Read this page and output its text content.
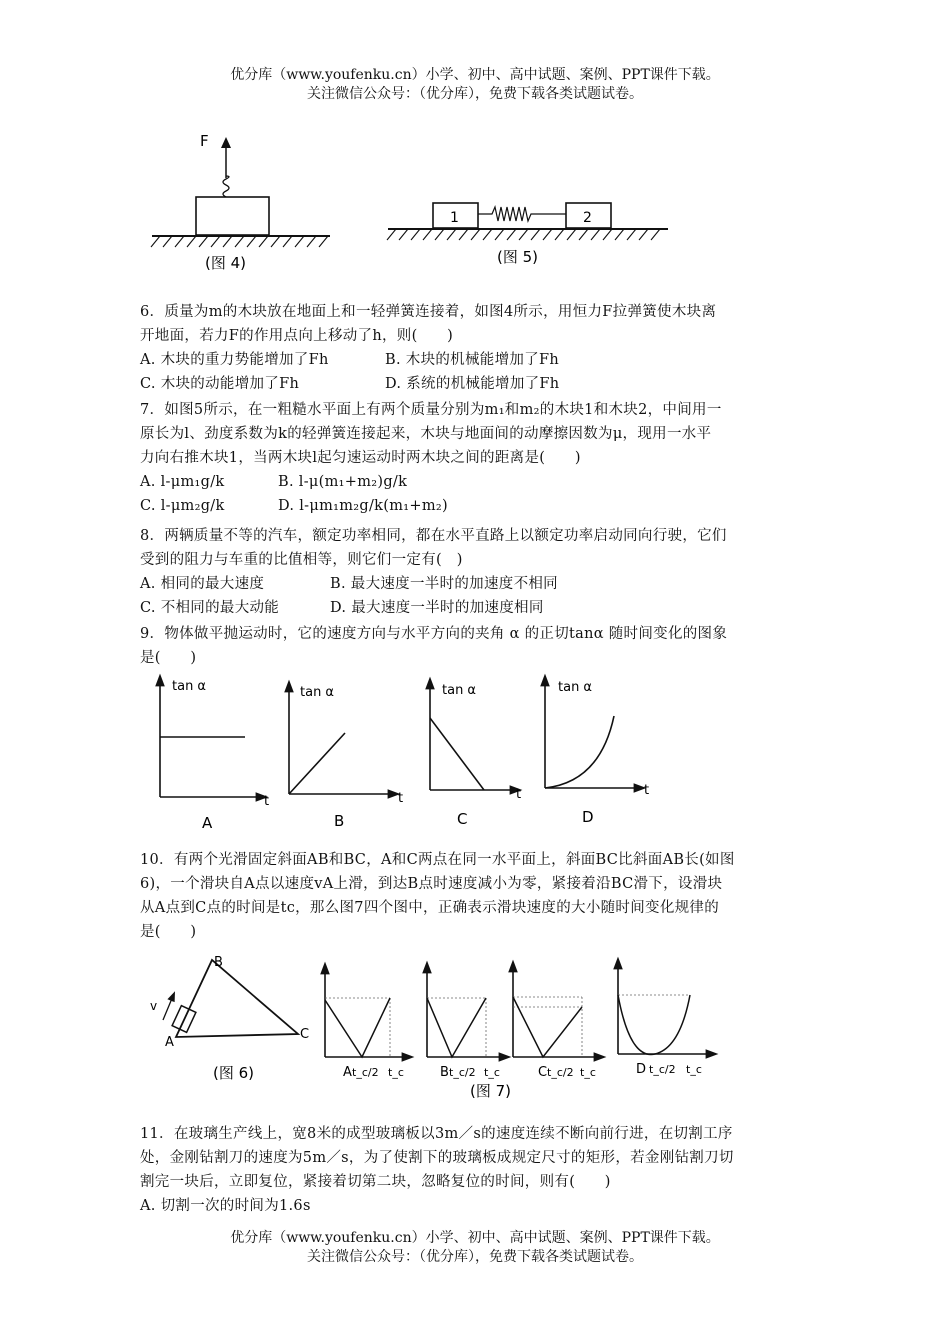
优分库（www.youfenku.cn）小学、初中、高中试题、案例、PPT课件下载。
关注微信公众号：（优分库），免费下载各类试题试卷。
F
(图 4)
1	2
(图 5)
6．质量为m的木块放在地面上和一轻弹簧连接着，如图4所示，用恒力F拉弹簧使木块离
开地面，若力F的作用点向上移动了h，则(　　)
A. 木块的重力势能增加了Fh	B. 木块的机械能增加了Fh
C. 木块的动能增加了Fh	D. 系统的机械能增加了Fh
7．如图5所示，在一粗糙水平面上有两个质量分别为m₁和m₂的木块1和木块2，中间用一
原长为l、劲度系数为k的轻弹簧连接起来，木块与地面间的动摩擦因数为μ，现用一水平
力向右推木块1，当两木块l起匀速运动时两木块之间的距离是(　　)
A. l-μm₁g/k	B. l-μ(m₁+m₂)g/k
C. l-μm₂g/k	D. l-μm₁m₂g/k(m₁+m₂)
8．两辆质量不等的汽车，额定功率相同，都在水平直路上以额定功率启动同向行驶，它们
受到的阻力与车重的比值相等，则它们一定有(　)
A. 相同的最大速度	B. 最大速度一半时的加速度不相同
C. 不相同的最大动能	D. 最大速度一半时的加速度相同
9．物体做平抛运动时，它的速度方向与水平方向的夹角 α 的正切tanα 随时间变化的图象
是(　　)
tan α
t
A
tan α
t
B
tan α
t
C
tan α
t
D
10．有两个光滑固定斜面AB和BC，A和C两点在同一水平面上，斜面BC比斜面AB长(如图
6)，一个滑块自A点以速度vA上滑，到达B点时速度减小为零，紧接着沿BC滑下，设滑块
从A点到C点的时间是tc，那么图7四个图中，正确表示滑块速度的大小随时间变化规律的
是(　　)
v
A
B
C
(图 6)	A t_c/2 t_c	B t_c/2 t_c	C t_c/2 t_c	D t_c/2 t_c
(图 7)
11．在玻璃生产线上，宽8米的成型玻璃板以3m／s的速度连续不断向前行进，在切割工序
处，金刚钻割刀的速度为5m／s，为了使割下的玻璃板成规定尺寸的矩形，若金刚钻割刀切
割完一块后，立即复位，紧接着切第二块，忽略复位的时间，则有(　　)
A. 切割一次的时间为1.6s
优分库（www.youfenku.cn）小学、初中、高中试题、案例、PPT课件下载。
关注微信公众号：（优分库），免费下载各类试题试卷。
